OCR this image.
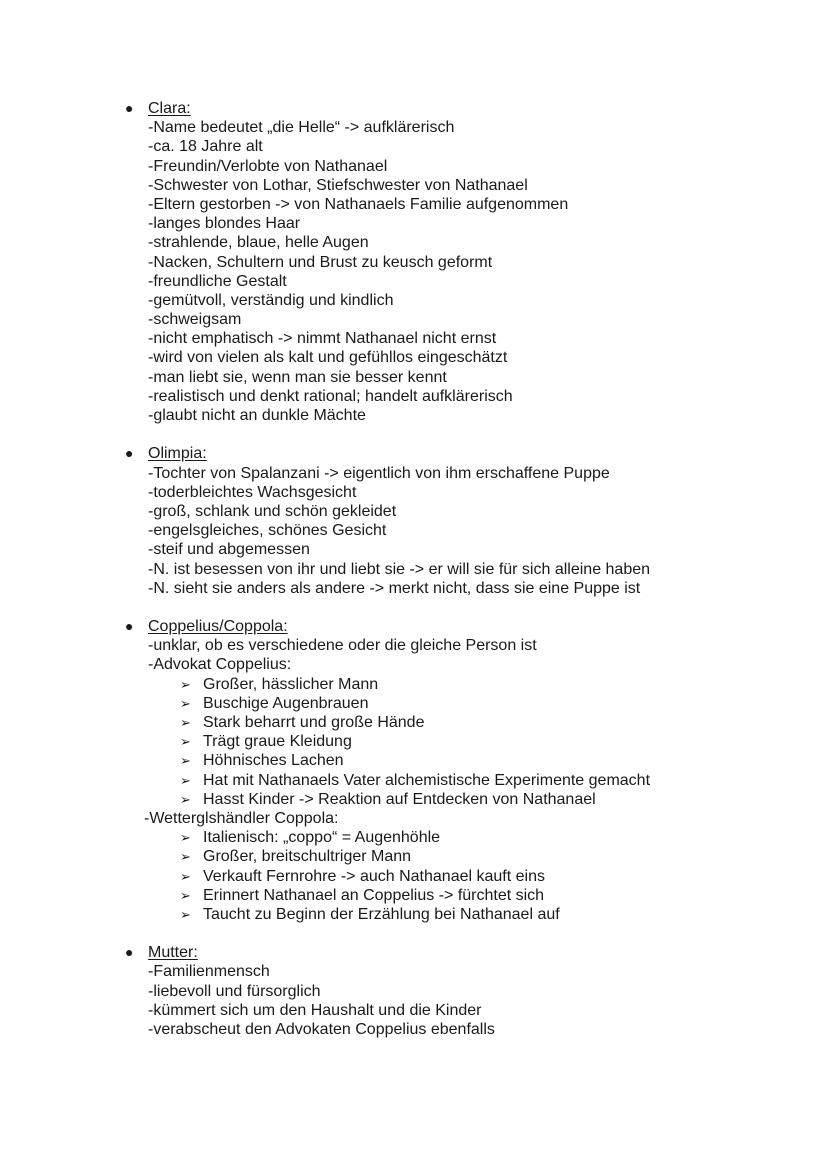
● Clara:
-Name bedeutet „die Helle“ -> aufklärerisch
-ca. 18 Jahre alt
-Freundin/Verlobte von Nathanael
-Schwester von Lothar, Stiefschwester von Nathanael
-Eltern gestorben -> von Nathanaels Familie aufgenommen
-langes blondes Haar
-strahlende, blaue, helle Augen
-Nacken, Schultern und Brust zu keusch geformt
-freundliche Gestalt
-gemütvoll, verständig und kindlich
-schweigsam
-nicht emphatisch -> nimmt Nathanael nicht ernst
-wird von vielen als kalt und gefühllos eingeschätzt
-man liebt sie, wenn man sie besser kennt
-realistisch und denkt rational; handelt aufklärerisch
-glaubt nicht an dunkle Mächte
● Olimpia:
-Tochter von Spalanzani -> eigentlich von ihm erschaffene Puppe
-toderbleichtes Wachsgesicht
-groß, schlank und schön gekleidet
-engelsgleiches, schönes Gesicht
-steif und abgemessen
-N. ist besessen von ihr und liebt sie -> er will sie für sich alleine haben
-N. sieht sie anders als andere -> merkt nicht, dass sie eine Puppe ist
● Coppelius/Coppola:
-unklar, ob es verschiedene oder die gleiche Person ist
-Advokat Coppelius:
➢ Großer, hässlicher Mann
➢ Buschige Augenbrauen
➢ Stark beharrt und große Hände
➢ Trägt graue Kleidung
➢ Höhnisches Lachen
➢ Hat mit Nathanaels Vater alchemistische Experimente gemacht
➢ Hasst Kinder -> Reaktion auf Entdecken von Nathanael
-Wetterglshändler Coppola:
➢ Italienisch: „coppo“ = Augenhöhle
➢ Großer, breitschultriger Mann
➢ Verkauft Fernrohre -> auch Nathanael kauft eins
➢ Erinnert Nathanael an Coppelius -> fürchtet sich
➢ Taucht zu Beginn der Erzählung bei Nathanael auf
● Mutter:
-Familienmensch
-liebevoll und fürsorglich
-kümmert sich um den Haushalt und die Kinder
-verabscheut den Advokaten Coppelius ebenfalls
